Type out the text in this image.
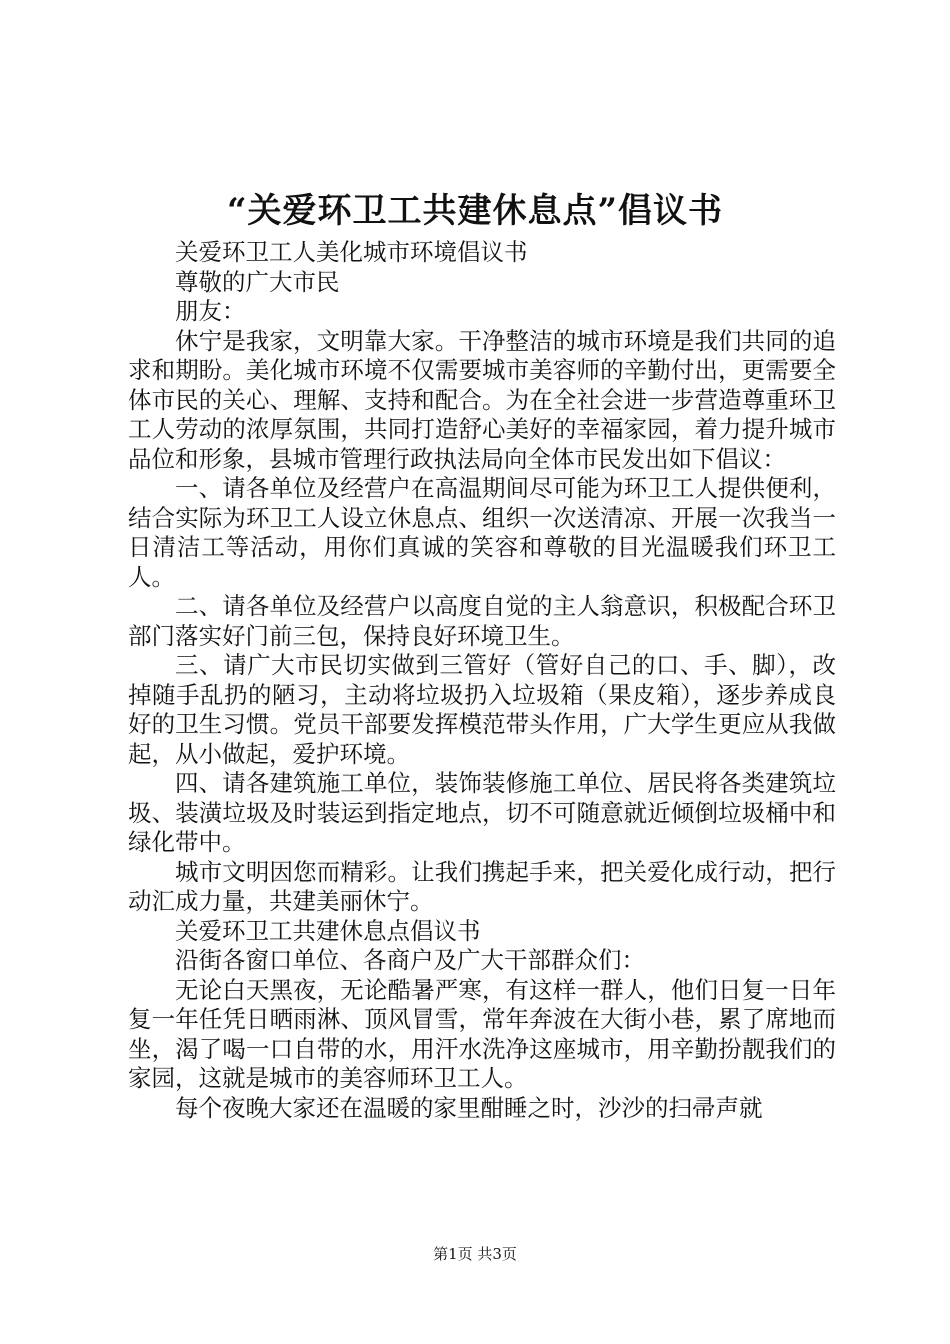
“关爱环卫工共建休息点”倡议书

关爱环卫工人美化城市环境倡议书

尊敬的广大市民

朋友：

休宁是我家，文明靠大家。干净整洁的城市环境是我们共同的追求和期盼。美化城市环境不仅需要城市美容师的辛勤付出，更需要全体市民的关心、理解、支持和配合。为在全社会进一步营造尊重环卫工人劳动的浓厚氛围，共同打造舒心美好的幸福家园，着力提升城市品位和形象，县城市管理行政执法局向全体市民发出如下倡议：

一、请各单位及经营户在高温期间尽可能为环卫工人提供便利，结合实际为环卫工人设立休息点、组织一次送清凉、开展一次我当一日清洁工等活动，用你们真诚的笑容和尊敬的目光温暖我们环卫工人。

二、请各单位及经营户以高度自觉的主人翁意识，积极配合环卫部门落实好门前三包，保持良好环境卫生。

三、请广大市民切实做到三管好（管好自己的口、手、脚），改掉随手乱扔的陋习，主动将垃圾扔入垃圾箱（果皮箱），逐步养成良好的卫生习惯。党员干部要发挥模范带头作用，广大学生更应从我做起，从小做起，爱护环境。

四、请各建筑施工单位，装饰装修施工单位、居民将各类建筑垃圾、装潢垃圾及时装运到指定地点，切不可随意就近倾倒垃圾桶中和绿化带中。

城市文明因您而精彩。让我们携起手来，把关爱化成行动，把行动汇成力量，共建美丽休宁。

关爱环卫工共建休息点倡议书

沿街各窗口单位、各商户及广大干部群众们：

无论白天黑夜，无论酷暑严寒，有这样一群人，他们日复一日年复一年任凭日晒雨淋、顶风冒雪，常年奔波在大街小巷，累了席地而坐，渴了喝一口自带的水，用汗水洗净这座城市，用辛勤扮靓我们的家园，这就是城市的美容师环卫工人。

每个夜晚大家还在温暖的家里酣睡之时，沙沙的扫帚声就

第1页 共3页
